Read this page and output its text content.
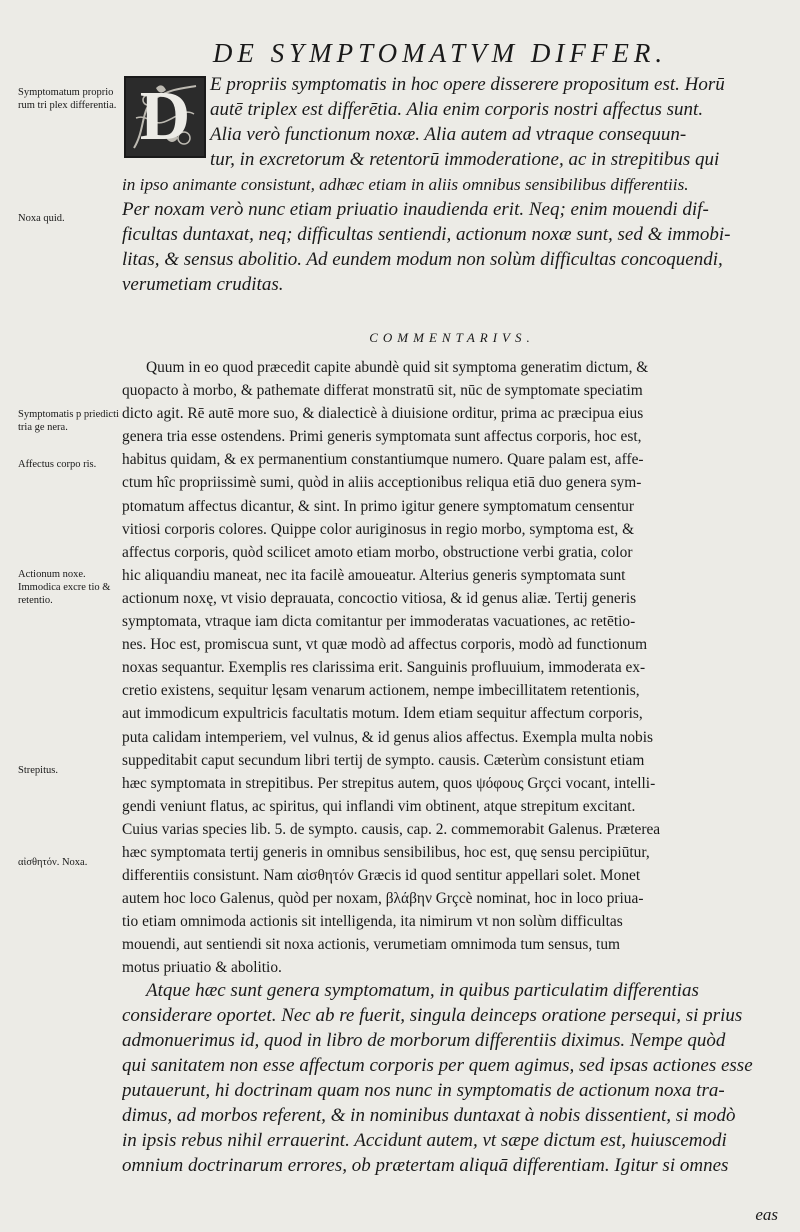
DE SYMPTOMATVM DIFFER.
D
Symptomatum proprio rum tri plex differentia.
Noxa quid.
Symptomatis p priedicti tria ge nera.
Affectus corpo ris.
Actionum noxe. Immodica excre tio & retentio.
Strepitus.
αἰσθητόν. Noxa.
E propriis symptomatis in hoc opere disserere propositum est. Horū
autē triplex est differētia. Alia enim corporis nostri affectus sunt.
Alia verò functionum noxæ. Alia autem ad vtraque consequun-
tur, in excretorum & retentorū immoderatione, ac in strepitibus qui
in ipso animante consistunt, adhæc etiam in aliis omnibus sensibilibus differentiis.
Per noxam verò nunc etiam priuatio inaudienda erit. Neq; enim mouendi dif-
ficultas duntaxat, neq; difficultas sentiendi, actionum noxæ sunt, sed & immobi-
litas, & sensus abolitio. Ad eundem modum non solùm difficultas concoquendi,
verumetiam cruditas.
COMMENTARIVS.
Quum in eo quod præcedit capite abundè quid sit symptoma generatim dictum, &
quopacto à morbo, & pathemate differat monstratū sit, nūc de symptomate speciatim
dicto agit. Rē autē more suo, & dialecticè à diuisione orditur, prima ac præcipua eius
genera tria esse ostendens. Primi generis symptomata sunt affectus corporis, hoc est,
habitus quidam, & ex permanentium constantiumque numero. Quare palam est, affe-
ctum hîc propriissimè sumi, quòd in aliis acceptionibus reliqua etiā duo genera sym-
ptomatum affectus dicantur, & sint. In primo igitur genere symptomatum censentur
vitiosi corporis colores. Quippe color auriginosus in regio morbo, symptoma est, &
affectus corporis, quòd scilicet amoto etiam morbo, obstructione verbi gratia, color
hic aliquandiu maneat, nec ita facilè amoueatur. Alterius generis symptomata sunt
actionum noxę, vt visio deprauata, concoctio vitiosa, & id genus aliæ. Tertij generis
symptomata, vtraque iam dicta comitantur per immoderatas vacuationes, ac retētio-
nes. Hoc est, promiscua sunt, vt quæ modò ad affectus corporis, modò ad functionum
noxas sequantur. Exemplis res clarissima erit. Sanguinis profluuium, immoderata ex-
cretio existens, sequitur lęsam venarum actionem, nempe imbecillitatem retentionis,
aut immodicum expultricis facultatis motum. Idem etiam sequitur affectum corporis,
puta calidam intemperiem, vel vulnus, & id genus alios affectus. Exempla multa nobis
suppeditabit caput secundum libri tertij de sympto. causis. Cæterùm consistunt etiam
hæc symptomata in strepitibus. Per strepitus autem, quos ψόφους Grçci vocant, intelli-
gendi veniunt flatus, ac spiritus, qui inflandi vim obtinent, atque strepitum excitant.
Cuius varias species lib. 5. de sympto. causis, cap. 2. commemorabit Galenus. Præterea
hæc symptomata tertij generis in omnibus sensibilibus, hoc est, quę sensu percipiūtur,
differentiis consistunt. Nam αἰσθητόν Græcis id quod sentitur appellari solet. Monet
autem hoc loco Galenus, quòd per noxam, βλάβην Grçcè nominat, hoc in loco priua-
tio etiam omnimoda actionis sit intelligenda, ita nimirum vt non solùm difficultas
mouendi, aut sentiendi sit noxa actionis, verumetiam omnimoda tum sensus, tum
motus priuatio & abolitio.
Atque hæc sunt genera symptomatum, in quibus particulatim differentias
considerare oportet. Nec ab re fuerit, singula deinceps oratione persequi, si prius
admonuerimus id, quod in libro de morborum differentiis diximus. Nempe quòd
qui sanitatem non esse affectum corporis per quem agimus, sed ipsas actiones esse
putauerunt, hi doctrinam quam nos nunc in symptomatis de actionum noxa tra-
dimus, ad morbos referent, & in nominibus duntaxat à nobis dissentient, si modò
in ipsis rebus nihil errauerint. Accidunt autem, vt sæpe dictum est, huiuscemodi
omnium doctrinarum errores, ob prætertam aliquā differentiam. Igitur si omnes
eas
